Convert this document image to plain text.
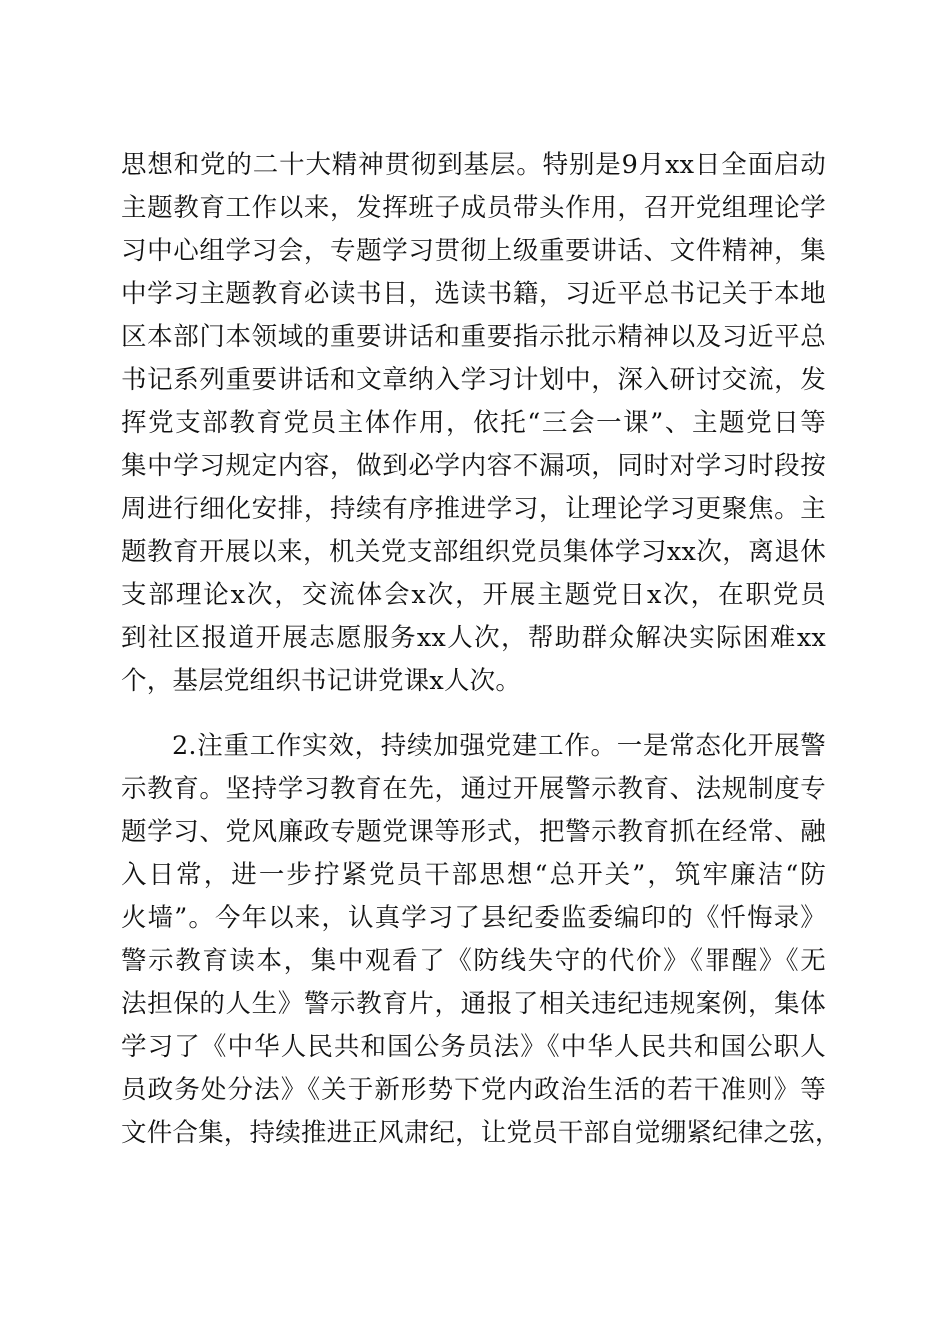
思想和党的二十大精神贯彻到基层。特别是9月xx日全面启动
主题教育工作以来，发挥班子成员带头作用，召开党组理论学
习中心组学习会，专题学习贯彻上级重要讲话、文件精神，集
中学习主题教育必读书目，选读书籍，习近平总书记关于本地
区本部门本领域的重要讲话和重要指示批示精神以及习近平总
书记系列重要讲话和文章纳入学习计划中，深入研讨交流，发
挥党支部教育党员主体作用，依托“三会一课”、主题党日等
集中学习规定内容，做到必学内容不漏项，同时对学习时段按
周进行细化安排，持续有序推进学习，让理论学习更聚焦。主
题教育开展以来，机关党支部组织党员集体学习xx次，离退休
支部理论x次，交流体会x次，开展主题党日x次，在职党员
到社区报道开展志愿服务xx人次，帮助群众解决实际困难xx
个，基层党组织书记讲党课x人次。
2.注重工作实效，持续加强党建工作。一是常态化开展警
示教育。坚持学习教育在先，通过开展警示教育、法规制度专
题学习、党风廉政专题党课等形式，把警示教育抓在经常、融
入日常，进一步拧紧党员干部思想“总开关”，筑牢廉洁“防
火墙”。今年以来，认真学习了县纪委监委编印的《忏悔录》
警示教育读本，集中观看了《防线失守的代价》《罪醒》《无
法担保的人生》警示教育片，通报了相关违纪违规案例，集体
学习了《中华人民共和国公务员法》《中华人民共和国公职人
员政务处分法》《关于新形势下党内政治生活的若干准则》等
文件合集，持续推进正风肃纪，让党员干部自觉绷紧纪律之弦，
